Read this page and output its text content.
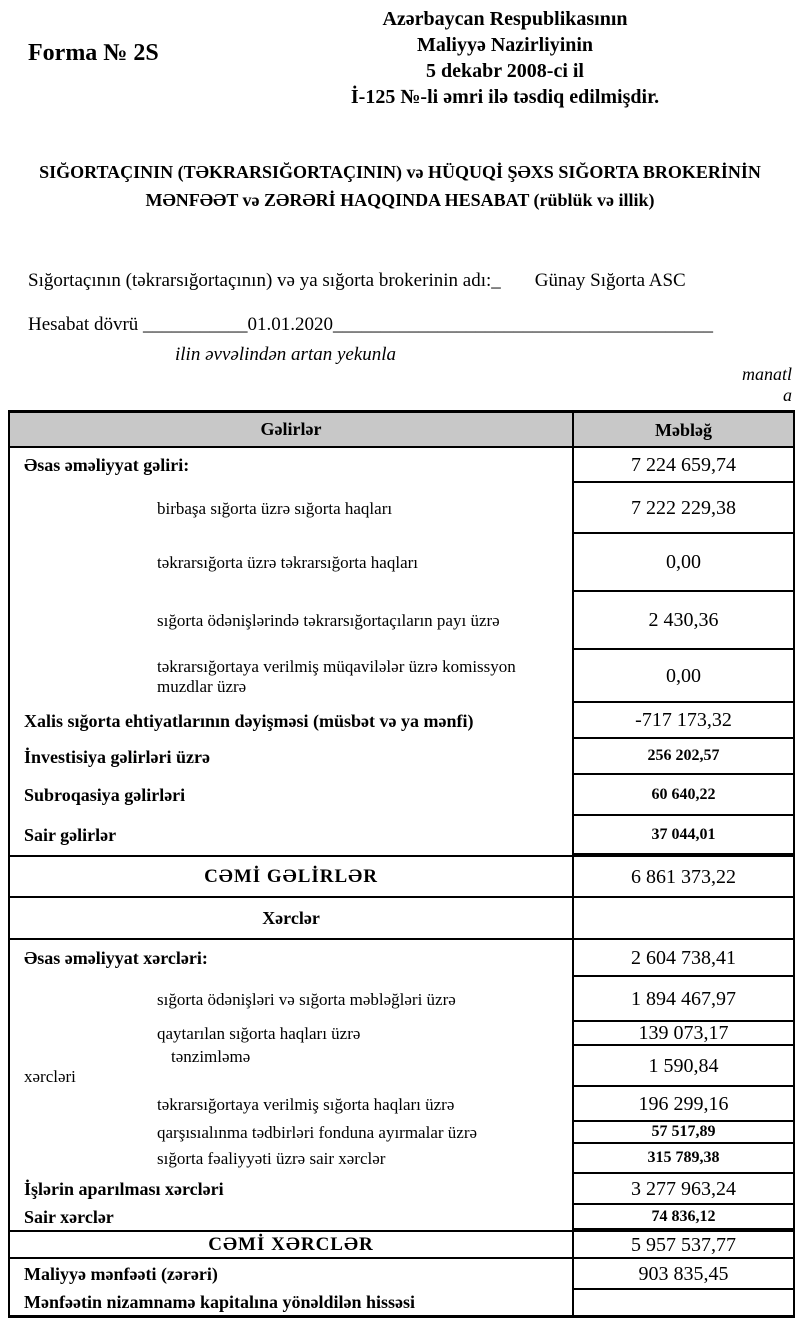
Forma № 2S
Azərbaycan Respublikasının
Maliyyə Nazirliyinin
5 dekabr 2008-ci il
İ-125 №-li əmri ilə təsdiq edilmişdir.
SIĞORTAÇININ (TƏKRARSIĞORTAÇININ) və HÜQUQİ ŞƏXS SIĞORTA BROKERİNİN
MƏNFƏƏT və ZƏRƏRİ HAQQINDA HESABAT (rüblük və illik)
Sığortaçının (təkrarsığortaçının) və ya sığorta brokerinin adı:_ Günay Sığorta ASC
Hesabat dövrü ___________01.01.2020________________________________________
ilin əvvəlindən artan yekunla
manatl
a
Gəlirlər	Məbləğ
Əsas əməliyyat gəliri:	7 224 659,74
birbaşa sığorta üzrə sığorta haqları	7 222 229,38
təkrarsığorta üzrə təkrarsığorta haqları	0,00
sığorta ödənişlərində təkrarsığortaçıların payı üzrə	2 430,36
təkrarsığortaya verilmiş müqavilələr üzrə komissyon muzdlar üzrə	0,00
Xalis sığorta ehtiyatlarının dəyişməsi (müsbət və ya mənfi)	-717 173,32
İnvestisiya gəlirləri üzrə	256 202,57
Subroqasiya gəlirləri	60 640,22
Sair gəlirlər	37 044,01
CƏMİ GƏLİRLƏR	6 861 373,22
Xərclər
Əsas əməliyyat xərcləri:	2 604 738,41
sığorta ödənişləri və sığorta məbləğləri üzrə	1 894 467,97
qaytarılan sığorta haqları üzrə	139 073,17
tənzimləmə
xərcləri	1 590,84
təkrarsığortaya verilmiş sığorta haqları üzrə	196 299,16
qarşısıalınma tədbirləri fonduna ayırmalar üzrə	57 517,89
sığorta fəaliyyəti üzrə sair xərclər	315 789,38
İşlərin aparılması xərcləri	3 277 963,24
Sair xərclər	74 836,12
CƏMİ XƏRCLƏR	5 957 537,77
Maliyyə mənfəəti (zərəri)	903 835,45
Mənfəətin nizamnamə kapitalına yönəldilən hissəsi
